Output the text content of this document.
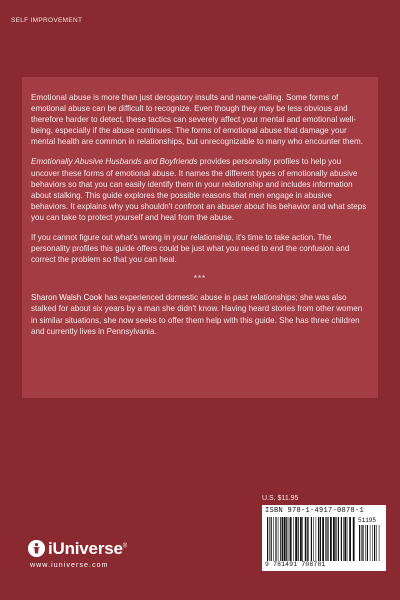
SELF IMPROVEMENT

Emotional abuse is more than just derogatory insults and name-calling. Some forms of emotional abuse can be difficult to recognize. Even though they may be less obvious and therefore harder to detect, these tactics can severely affect your mental and emotional well-being, especially if the abuse continues. The forms of emotional abuse that damage your mental health are common in relationships, but unrecognizable to many who encounter them.

Emotionally Abusive Husbands and Boyfriends provides personality profiles to help you uncover these forms of emotional abuse. It names the different types of emotionally abusive behaviors so that you can easily identify them in your relationship and includes information about stalking. This guide explores the possible reasons that men engage in abusive behaviors. It explains why you shouldn't confront an abuser about his behavior and what steps you can take to protect yourself and heal from the abuse.

If you cannot figure out what's wrong in your relationship, it's time to take action. The personality profiles this guide offers could be just what you need to end the confusion and correct the problem so that you can heal.

***

Sharon Walsh Cook has experienced domestic abuse in past relationships; she was also stalked for about six years by a man she didn't know. Having heard stories from other women in similar situations, she now seeks to offer them help with this guide. She has three children and currently lives in Pennsylvania.

U.S. $11.95
ISBN 978-1-4917-0878-1
51195
9 781491 708781
iUniverse®
www.iuniverse.com
